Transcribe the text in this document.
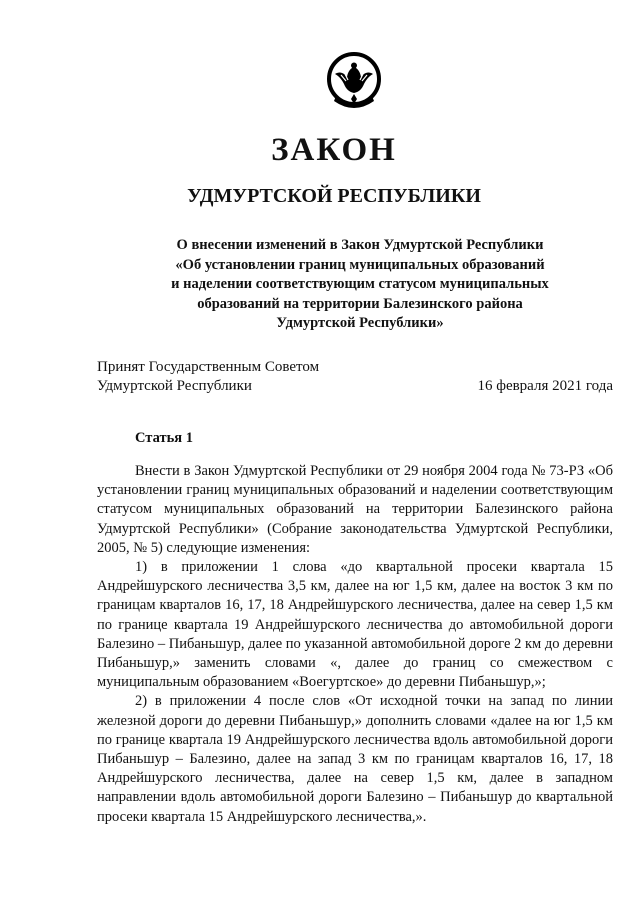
ЗАКОН
УДМУРТСКОЙ РЕСПУБЛИКИ
О внесении изменений в Закон Удмуртской Республики
«Об установлении границ муниципальных образований
и наделении соответствующим статусом муниципальных
образований на территории Балезинского района
Удмуртской Республики»
Принят Государственным Советом
Удмуртской Республики	16 февраля 2021 года
Статья 1

Внести в Закон Удмуртской Республики от 29 ноября 2004 года № 73-РЗ «Об установлении границ муниципальных образований и наделении соответствующим статусом муниципальных образований на территории Балезинского района Удмуртской Республики» (Собрание законодательства Удмуртской Республики, 2005, № 5) следующие изменения:

1) в приложении 1 слова «до квартальной просеки квартала 15 Андрейшурского лесничества 3,5 км, далее на юг 1,5 км, далее на восток 3 км по границам кварталов 16, 17, 18 Андрейшурского лесничества, далее на север 1,5 км по границе квартала 19 Андрейшурского лесничества до автомобильной дороги Балезино – Пибаньшур, далее по указанной автомобильной дороге 2 км до деревни Пибаньшур,» заменить словами «, далее до границ со смежеством с муниципальным образованием «Воегуртское» до деревни Пибаньшур,»;

2) в приложении 4 после слов «От исходной точки на запад по линии железной дороги до деревни Пибаньшур,» дополнить словами «далее на юг 1,5 км по границе квартала 19 Андрейшурского лесничества вдоль автомобильной дороги Пибаньшур – Балезино, далее на запад 3 км по границам кварталов 16, 17, 18 Андрейшурского лесничества, далее на север 1,5 км, далее в западном направлении вдоль автомобильной дороги Балезино – Пибаньшур до квартальной просеки квартала 15 Андрейшурского лесничества,».
